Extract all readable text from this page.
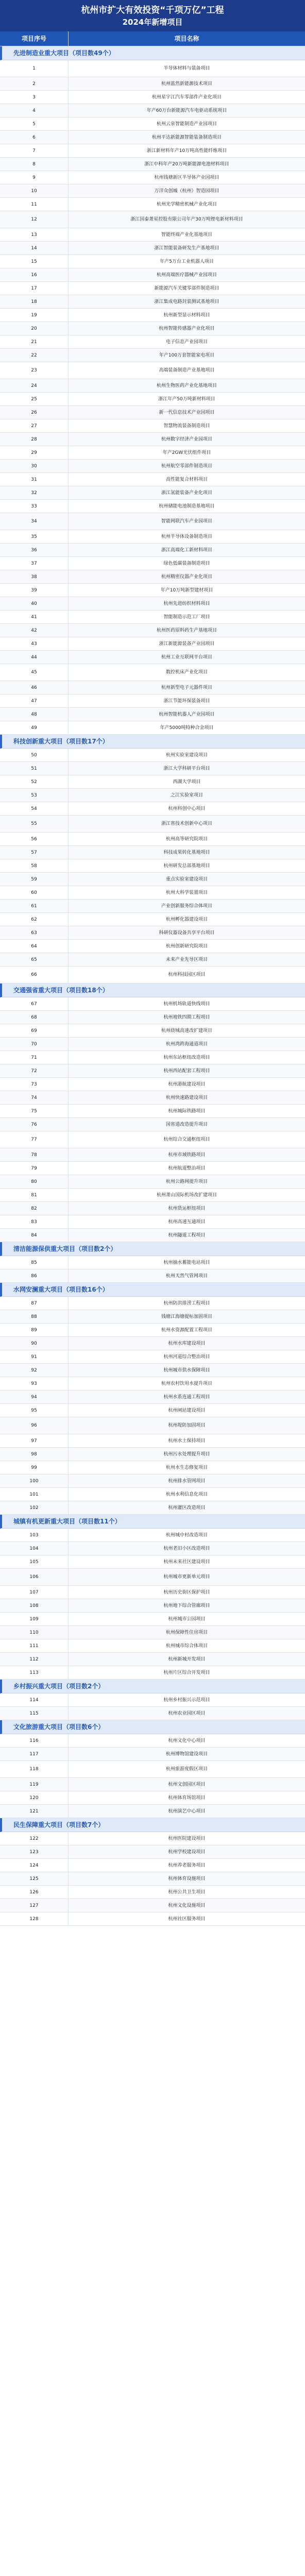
杭州市扩大有效投资“千项万亿”工程
2024年新增项目
项目序号	项目名称
先进制造业重大项目（项目数49个）
1	半导体材料与装备项目
2	杭州蓝然新能源技术项目
3	杭州星宇江汽车零部件产业化项目
4	年产60万台新能源汽车电驱动系统项目
5	杭州云泉智能制造产业园项目
6	杭州平达新能源智能装备制造项目
7	浙江新材料年产10万吨高性能纤维项目
8	浙江中科年产20万吨新能源电池材料项目
9	杭州钱塘新区半导体产业园项目
10	万洋众创城（杭州）智造园项目
11	杭州光学精密机械产业化项目
12	浙江国泰萧星控股有限公司年产30万吨锂电新材料项目
13	智能终端产业化基地项目
14	浙江智能装备研发生产基地项目
15	年产5万台工业机器人项目
16	杭州高端医疗器械产业园项目
17	新能源汽车关键零部件制造项目
18	浙江集成电路封装测试基地项目
19	杭州新型显示材料项目
20	杭州智能传感器产业化项目
21	电子信息产业园项目
22	年产100万套智能家电项目
23	高端装备制造产业基地项目
24	杭州生物医药产业化基地项目
25	浙江年产50万吨新材料项目
26	新一代信息技术产业园项目
27	智慧物流装备制造项目
28	杭州数字经济产业园项目
29	年产2GW光伏组件项目
30	杭州航空零部件制造项目
31	高性能复合材料项目
32	浙江氢能装备产业化项目
33	杭州储能电池制造基地项目
34	智能网联汽车产业园项目
35	杭州半导体设备制造项目
36	浙江高端化工新材料项目
37	绿色低碳装备制造项目
38	杭州精密仪器产业化项目
39	年产10万吨新型建材项目
40	杭州先进纺织材料项目
41	智能制造示范工厂项目
42	杭州医药原料药生产基地项目
43	浙江新能源装备产业园项目
44	杭州工业互联网平台项目
45	数控机床产业化项目
46	杭州新型电子元器件项目
47	浙江节能环保装备项目
48	杭州智能机器人产业园项目
49	年产5000吨特种合金项目
科技创新重大项目（项目数17个）
50	杭州实验室建设项目
51	浙江大学科研平台项目
52	西湖大学项目
53	之江实验室项目
54	杭州科创中心项目
55	浙江省技术创新中心项目
56	杭州高等研究院项目
57	科技成果转化基地项目
58	杭州研发总部基地项目
59	重点实验室建设项目
60	杭州大科学装置项目
61	产业创新服务综合体项目
62	杭州孵化器建设项目
63	科研仪器设备共享平台项目
64	杭州创新研究院项目
65	未来产业先导区项目
66	杭州科技园区项目
交通强省重大项目（项目数18个）
67	杭州机场轨道快线项目
68	杭州地铁四期工程项目
69	杭州绕城高速改扩建项目
70	杭州湾跨海通道项目
71	杭州东站枢纽改造项目
72	杭州西站配套工程项目
73	杭州港航建设项目
74	杭州快速路建设项目
75	杭州城际铁路项目
76	国省道改造提升项目
77	杭州综合交通枢纽项目
78	杭州市域铁路项目
79	杭州航道整治项目
80	杭州公路网提升项目
81	杭州萧山国际机场改扩建项目
82	杭州货运枢纽项目
83	杭州高速互通项目
84	杭州隧道工程项目
清洁能源保供重大项目（项目数2个）
85	杭州抽水蓄能电站项目
86	杭州天然气管网项目
水网安澜重大项目（项目数16个）
87	杭州防洪排涝工程项目
88	钱塘江海塘提标加固项目
89	杭州水资源配置工程项目
90	杭州水库建设项目
91	杭州河道综合整治项目
92	杭州城市供水保障项目
93	杭州农村饮用水提升项目
94	杭州水系连通工程项目
95	杭州闸站建设项目
96	杭州堤防加固项目
97	杭州水土保持项目
98	杭州污水处理提升项目
99	杭州水生态修复项目
100	杭州排水管网项目
101	杭州水利信息化项目
102	杭州灌区改造项目
城镇有机更新重大项目（项目数11个）
103	杭州城中村改造项目
104	杭州老旧小区改造项目
105	杭州未来社区建设项目
106	杭州城市更新单元项目
107	杭州历史街区保护项目
108	杭州地下综合管廊项目
109	杭州城市公园项目
110	杭州保障性住房项目
111	杭州城市综合体项目
112	杭州新城开发项目
113	杭州片区综合开发项目
乡村振兴重大项目（项目数2个）
114	杭州乡村振兴示范项目
115	杭州农业园区项目
文化旅游重大项目（项目数6个）
116	杭州文化中心项目
117	杭州博物馆建设项目
118	杭州旅游度假区项目
119	杭州文创园区项目
120	杭州体育场馆项目
121	杭州演艺中心项目
民生保障重大项目（项目数7个）
122	杭州医院建设项目
123	杭州学校建设项目
124	杭州养老服务项目
125	杭州体育设施项目
126	杭州公共卫生项目
127	杭州文化设施项目
128	杭州社区服务项目
